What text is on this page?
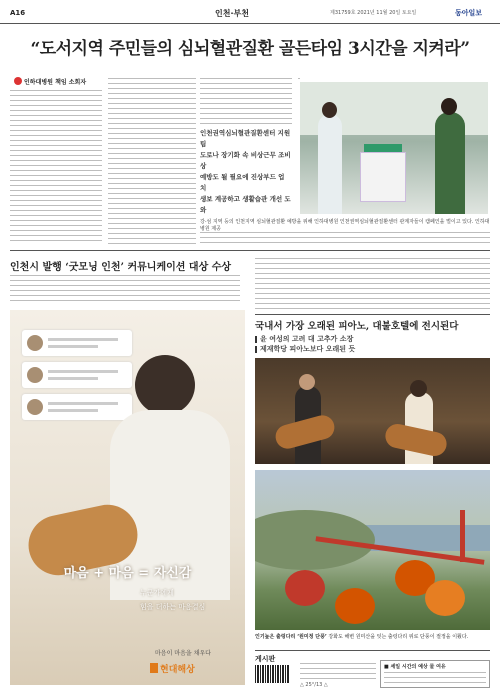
A16	인천·부천	제31759호 2021년 11월 20일 토요일	동아일보
“도서지역 주민들의 심뇌혈관질환 골든타임 3시간을 지켜라”
인하대병원 책임 소회자
인천권역심뇌혈관질환센터 지원팀
도로나 장기화 속 비상근무 조비상
예방도 될 필요에 진상부드 업 치
생보 계공하고 생활습관 개선 도와
강·섬 지역 등의 인천지역 심뇌혈관질환 예방을 위해 인하대병원 인천권역심뇌혈관질환센터 관계자들이 캠페인을 벌이고 있다. 인하대병원 제공
인천시 발행 ‘굿모닝 인천’ 커뮤니케이션 대상 수상
국내서 가장 오래된 피아노, 대불호텔에 전시된다
윤 여성의 고려 대 고추가 소장
제재학당 피아노보다 오래된 듯
마음 + 마음 = 자신감
누군가에게
힘을 더하는 마음결심
마음이 마음을 채우다
현대해상
인기높은 출렁다리 ‘원미정 단풍’ 강화도 해변 원미산을 잇는 출렁다리 위로 단풍이 절정을 이뤘다.
게시판
△ 25°/13 △
■ 세일 시간의 예상 물 여유
